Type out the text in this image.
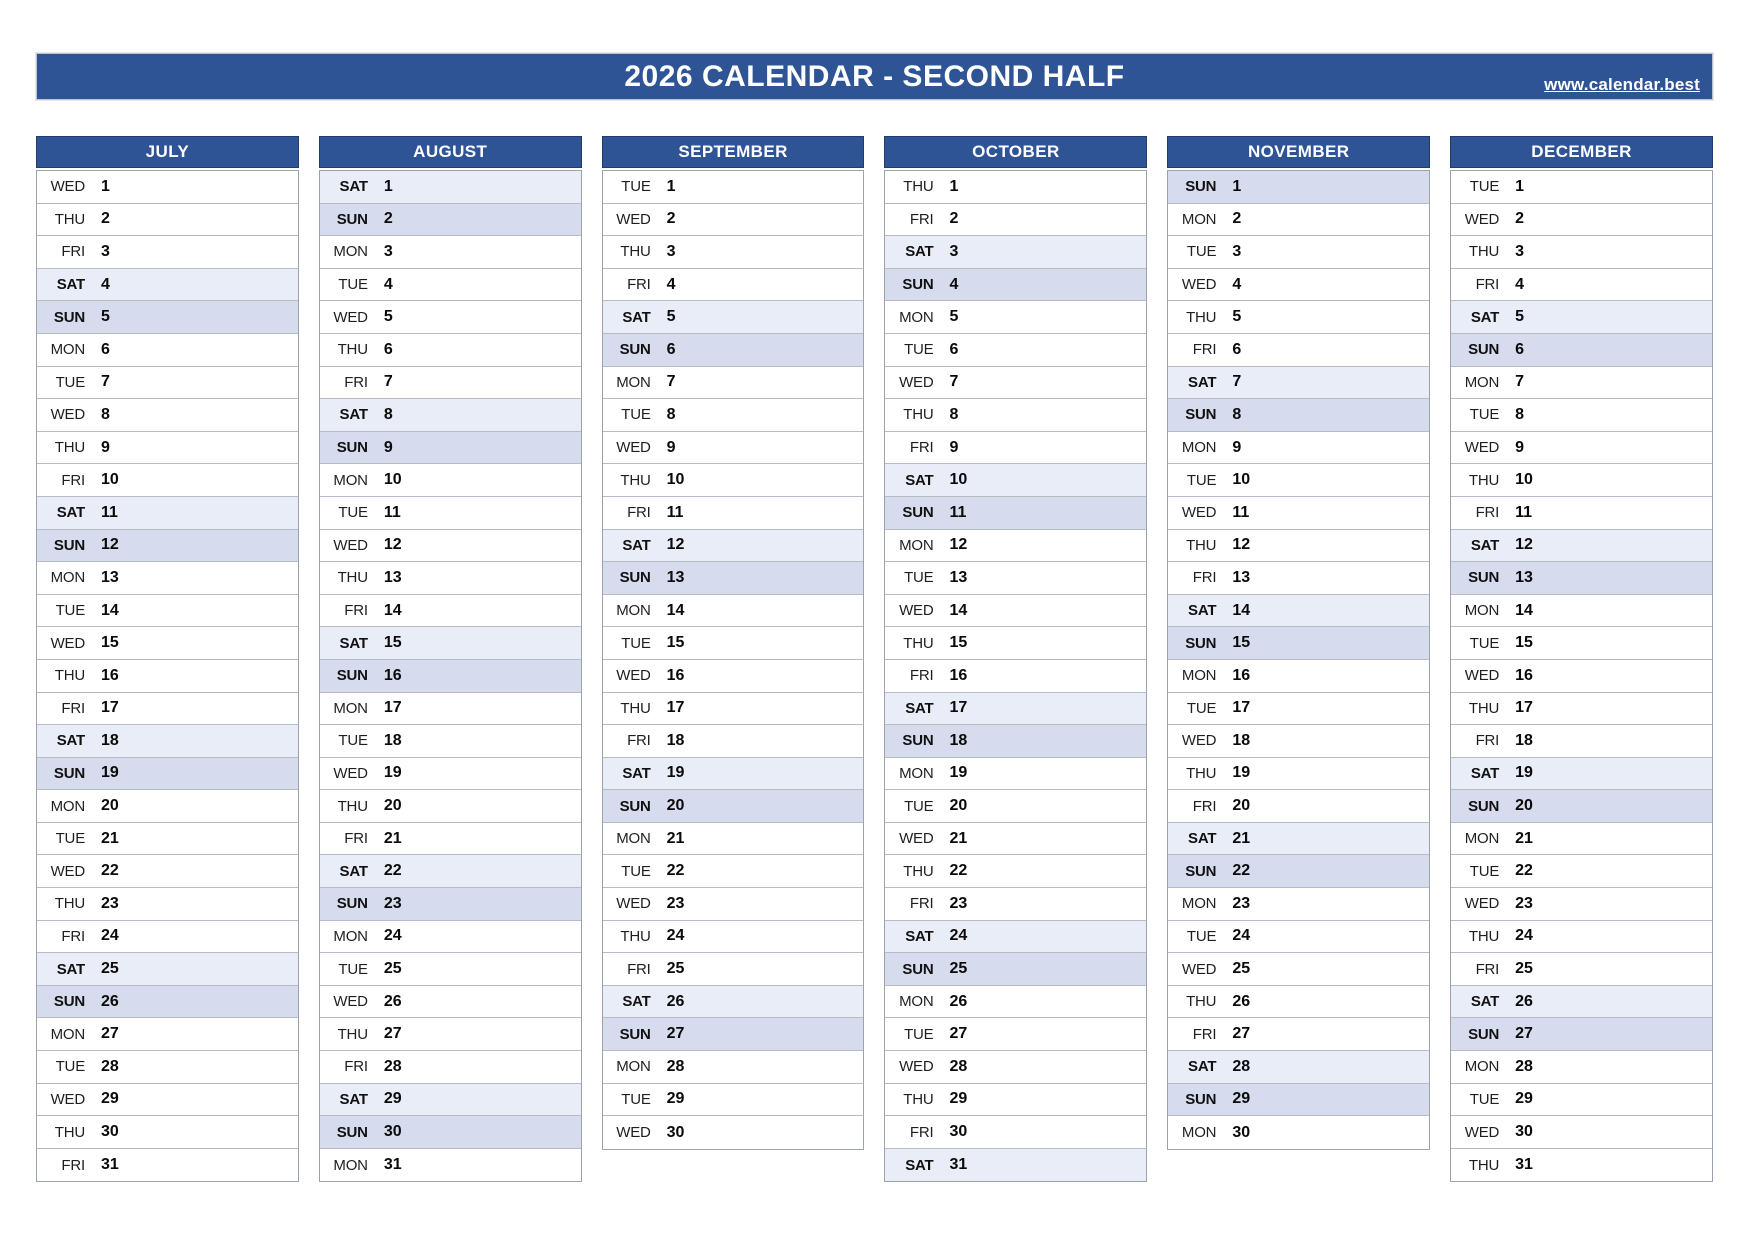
2026 CALENDAR - SECOND HALF	www.calendar.best
JULY
WED 1
THU 2
FRI 3
SAT 4
SUN 5
MON 6
TUE 7
WED 8
THU 9
FRI 10
SAT 11
SUN 12
MON 13
TUE 14
WED 15
THU 16
FRI 17
SAT 18
SUN 19
MON 20
TUE 21
WED 22
THU 23
FRI 24
SAT 25
SUN 26
MON 27
TUE 28
WED 29
THU 30
FRI 31
AUGUST
SAT 1
SUN 2
MON 3
TUE 4
WED 5
THU 6
FRI 7
SAT 8
SUN 9
MON 10
TUE 11
WED 12
THU 13
FRI 14
SAT 15
SUN 16
MON 17
TUE 18
WED 19
THU 20
FRI 21
SAT 22
SUN 23
MON 24
TUE 25
WED 26
THU 27
FRI 28
SAT 29
SUN 30
MON 31
SEPTEMBER
TUE 1
WED 2
THU 3
FRI 4
SAT 5
SUN 6
MON 7
TUE 8
WED 9
THU 10
FRI 11
SAT 12
SUN 13
MON 14
TUE 15
WED 16
THU 17
FRI 18
SAT 19
SUN 20
MON 21
TUE 22
WED 23
THU 24
FRI 25
SAT 26
SUN 27
MON 28
TUE 29
WED 30
OCTOBER
THU 1
FRI 2
SAT 3
SUN 4
MON 5
TUE 6
WED 7
THU 8
FRI 9
SAT 10
SUN 11
MON 12
TUE 13
WED 14
THU 15
FRI 16
SAT 17
SUN 18
MON 19
TUE 20
WED 21
THU 22
FRI 23
SAT 24
SUN 25
MON 26
TUE 27
WED 28
THU 29
FRI 30
SAT 31
NOVEMBER
SUN 1
MON 2
TUE 3
WED 4
THU 5
FRI 6
SAT 7
SUN 8
MON 9
TUE 10
WED 11
THU 12
FRI 13
SAT 14
SUN 15
MON 16
TUE 17
WED 18
THU 19
FRI 20
SAT 21
SUN 22
MON 23
TUE 24
WED 25
THU 26
FRI 27
SAT 28
SUN 29
MON 30
DECEMBER
TUE 1
WED 2
THU 3
FRI 4
SAT 5
SUN 6
MON 7
TUE 8
WED 9
THU 10
FRI 11
SAT 12
SUN 13
MON 14
TUE 15
WED 16
THU 17
FRI 18
SAT 19
SUN 20
MON 21
TUE 22
WED 23
THU 24
FRI 25
SAT 26
SUN 27
MON 28
TUE 29
WED 30
THU 31
